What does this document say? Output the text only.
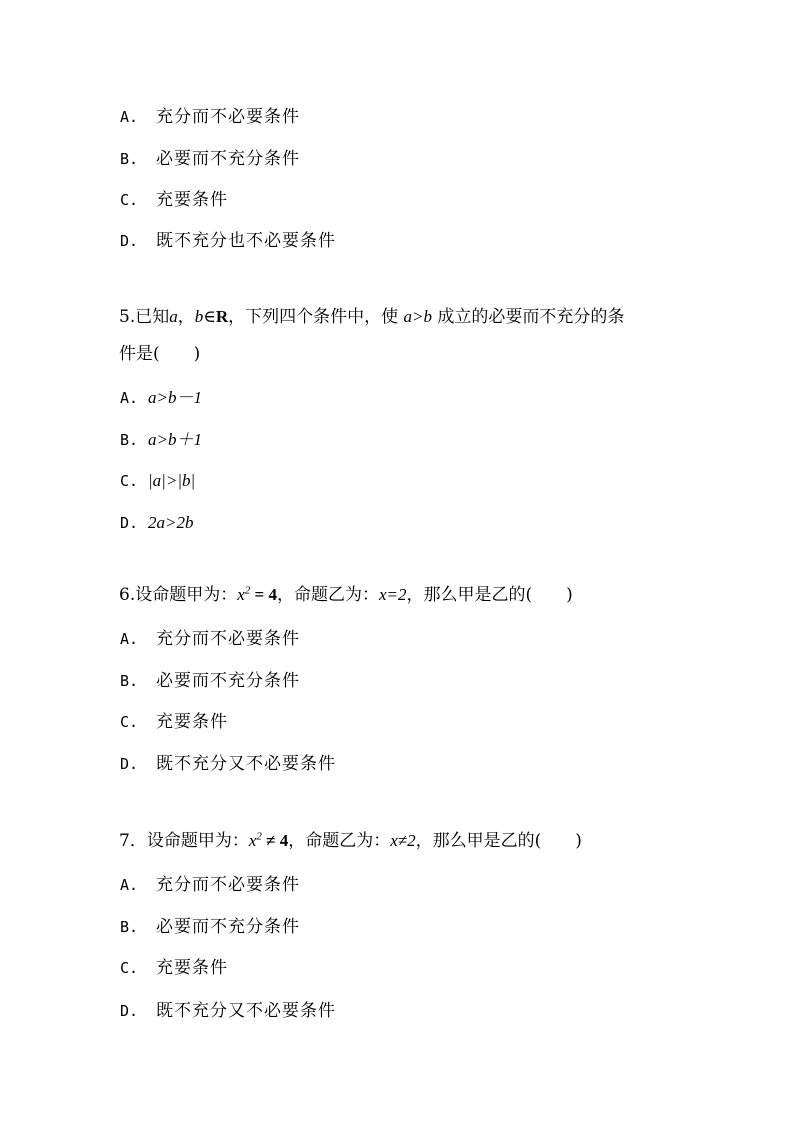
A. 充分而不必要条件
B. 必要而不充分条件
C. 充要条件
D. 既不充分也不必要条件
5.已知a，b∈R，下列四个条件中，使 a>b 成立的必要而不充分的条
件是(　　)
A. a>b－1
B. a>b＋1
C. |a|>|b|
D. 2a>2b
6.设命题甲为：$x^2 = 4$，命题乙为：x=2，那么甲是乙的(　　)
A. 充分而不必要条件
B. 必要而不充分条件
C. 充要条件
D. 既不充分又不必要条件
7．设命题甲为：$x^2 \ne 4$，命题乙为：x≠2，那么甲是乙的(　　)
A. 充分而不必要条件
B. 必要而不充分条件
C. 充要条件
D. 既不充分又不必要条件
